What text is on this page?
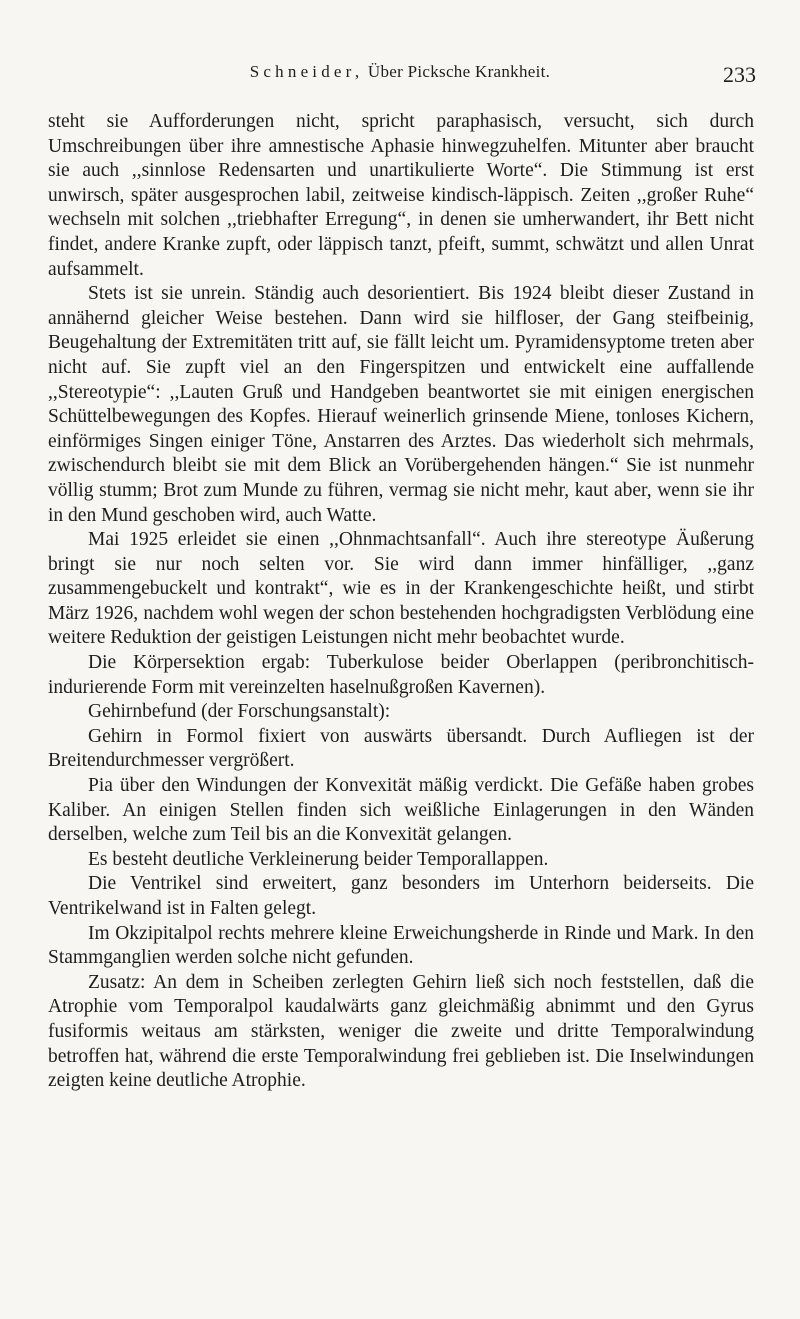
Schneider, Über Picksche Krankheit.	233

steht sie Aufforderungen nicht, spricht paraphasisch, versucht, sich durch Umschreibungen über ihre amnestische Aphasie hinwegzuhelfen. Mitunter aber braucht sie auch ,,sinnlose Redensarten und unartikulierte Worte“. Die Stimmung ist erst unwirsch, später ausgesprochen labil, zeitweise kindisch-läppisch. Zeiten ,,großer Ruhe“ wechseln mit solchen ,,triebhafter Erregung“, in denen sie umherwandert, ihr Bett nicht findet, andere Kranke zupft, oder läppisch tanzt, pfeift, summt, schwätzt und allen Unrat aufsammelt.

Stets ist sie unrein. Ständig auch desorientiert. Bis 1924 bleibt dieser Zustand in annähernd gleicher Weise bestehen. Dann wird sie hilfloser, der Gang steifbeinig, Beugehaltung der Extremitäten tritt auf, sie fällt leicht um. Pyramidensyptome treten aber nicht auf. Sie zupft viel an den Fingerspitzen und entwickelt eine auffallende ,,Stereotypie“: ,,Lauten Gruß und Handgeben beantwortet sie mit einigen energischen Schüttelbewegungen des Kopfes. Hierauf weinerlich grinsende Miene, tonloses Kichern, einförmiges Singen einiger Töne, Anstarren des Arztes. Das wiederholt sich mehrmals, zwischendurch bleibt sie mit dem Blick an Vorübergehenden hängen.“ Sie ist nunmehr völlig stumm; Brot zum Munde zu führen, vermag sie nicht mehr, kaut aber, wenn sie ihr in den Mund geschoben wird, auch Watte.

Mai 1925 erleidet sie einen ,,Ohnmachtsanfall“. Auch ihre stereotype Äußerung bringt sie nur noch selten vor. Sie wird dann immer hinfälliger, ,,ganz zusammengebuckelt und kontrakt“, wie es in der Krankengeschichte heißt, und stirbt März 1926, nachdem wohl wegen der schon bestehenden hochgradigsten Verblödung eine weitere Reduktion der geistigen Leistungen nicht mehr beobachtet wurde.

Die Körpersektion ergab: Tuberkulose beider Oberlappen (peribronchitisch-indurierende Form mit vereinzelten haselnußgroßen Kavernen).

Gehirnbefund (der Forschungsanstalt):

Gehirn in Formol fixiert von auswärts übersandt. Durch Aufliegen ist der Breitendurchmesser vergrößert.

Pia über den Windungen der Konvexität mäßig verdickt. Die Gefäße haben grobes Kaliber. An einigen Stellen finden sich weißliche Einlagerungen in den Wänden derselben, welche zum Teil bis an die Konvexität gelangen.

Es besteht deutliche Verkleinerung beider Temporallappen.

Die Ventrikel sind erweitert, ganz besonders im Unterhorn beiderseits. Die Ventrikelwand ist in Falten gelegt.

Im Okzipitalpol rechts mehrere kleine Erweichungsherde in Rinde und Mark. In den Stammganglien werden solche nicht gefunden.

Zusatz: An dem in Scheiben zerlegten Gehirn ließ sich noch feststellen, daß die Atrophie vom Temporalpol kaudalwärts ganz gleichmäßig abnimmt und den Gyrus fusiformis weitaus am stärksten, weniger die zweite und dritte Temporalwindung betroffen hat, während die erste Temporalwindung frei geblieben ist. Die Inselwindungen zeigten keine deutliche Atrophie.
